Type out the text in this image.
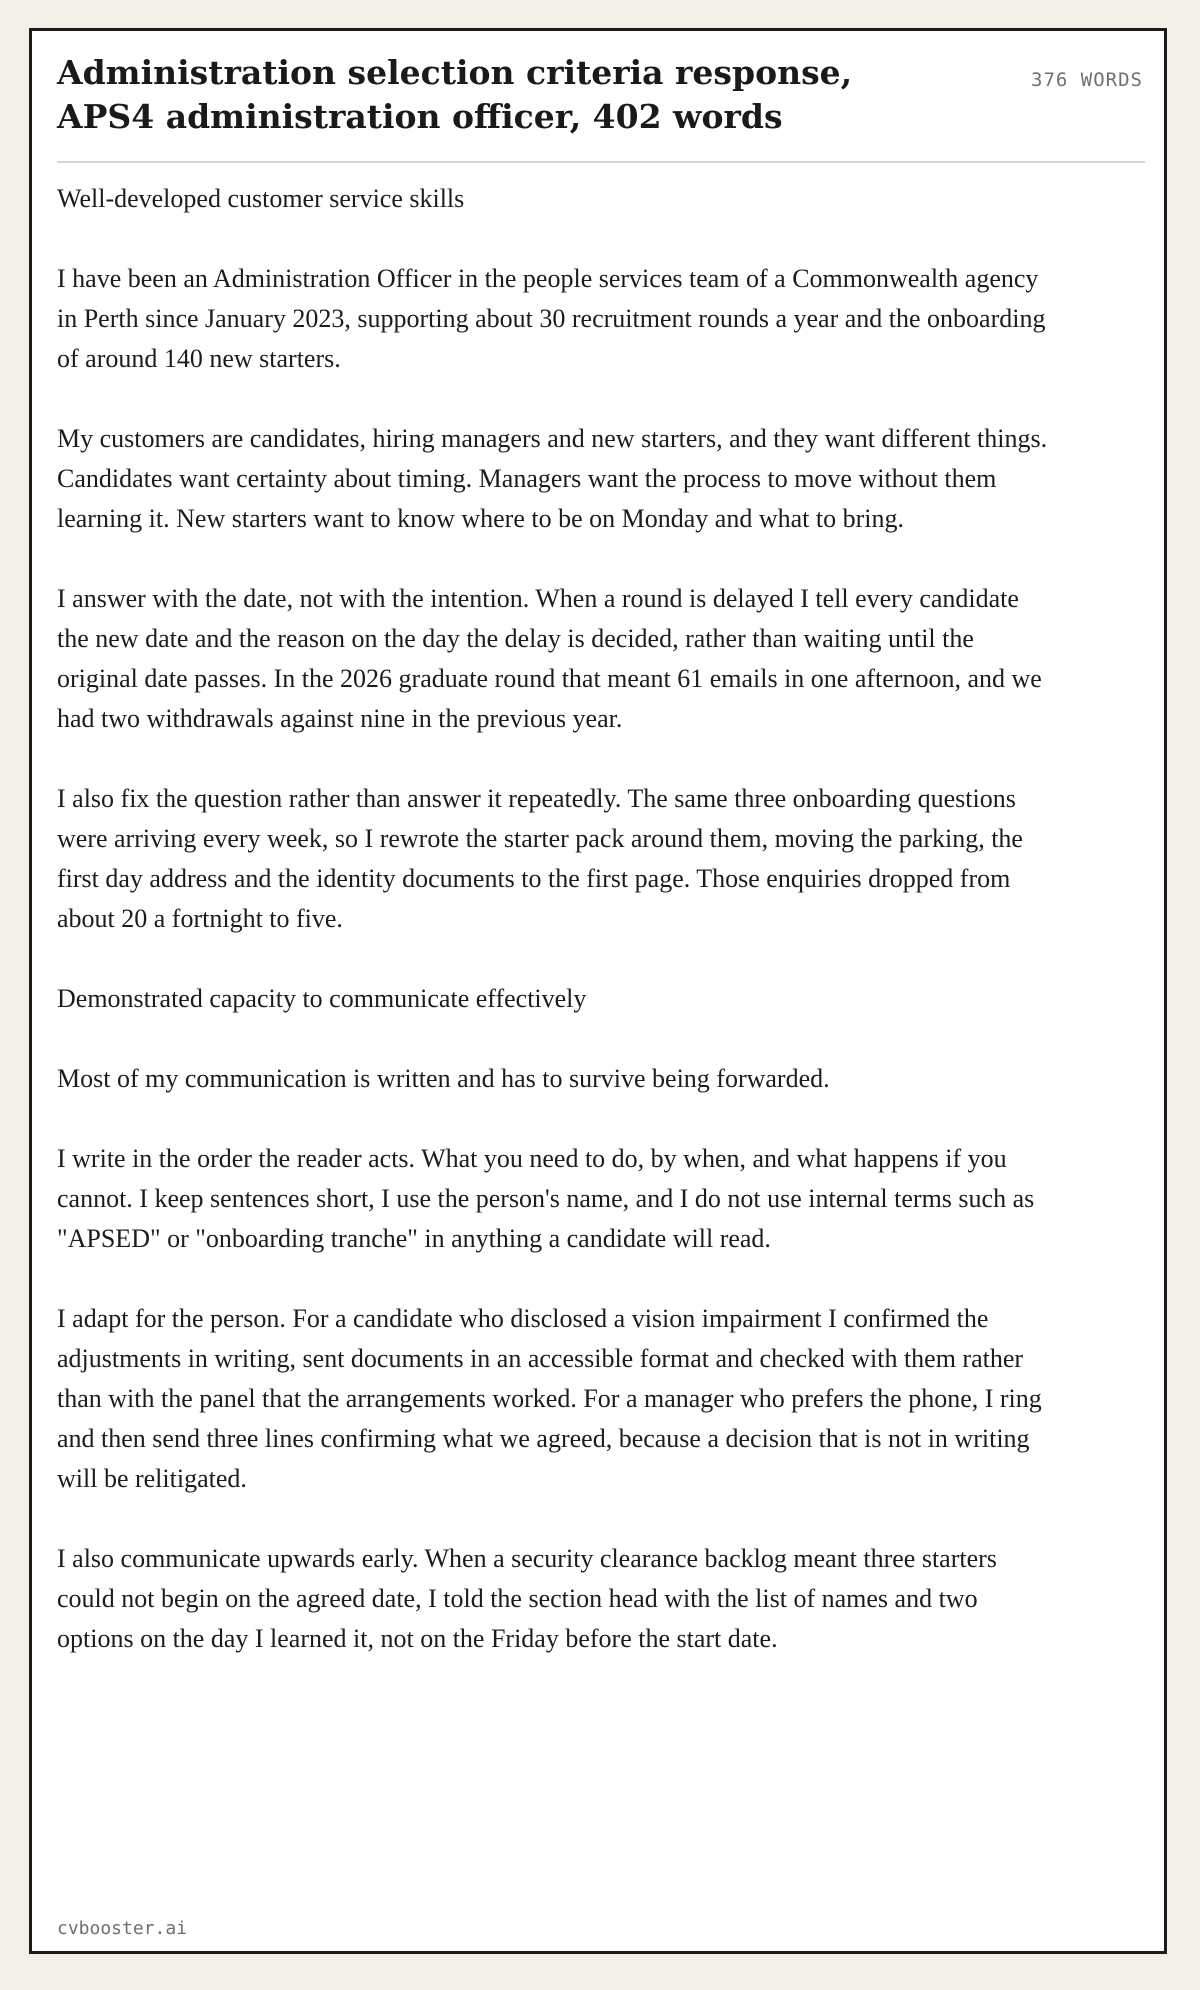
Administration selection criteria response, APS4 administration officer, 402 words
376 WORDS

Well-developed customer service skills

I have been an Administration Officer in the people services team of a Commonwealth agency in Perth since January 2023, supporting about 30 recruitment rounds a year and the onboarding of around 140 new starters.

My customers are candidates, hiring managers and new starters, and they want different things. Candidates want certainty about timing. Managers want the process to move without them learning it. New starters want to know where to be on Monday and what to bring.

I answer with the date, not with the intention. When a round is delayed I tell every candidate the new date and the reason on the day the delay is decided, rather than waiting until the original date passes. In the 2026 graduate round that meant 61 emails in one afternoon, and we had two withdrawals against nine in the previous year.

I also fix the question rather than answer it repeatedly. The same three onboarding questions were arriving every week, so I rewrote the starter pack around them, moving the parking, the first day address and the identity documents to the first page. Those enquiries dropped from about 20 a fortnight to five.

Demonstrated capacity to communicate effectively

Most of my communication is written and has to survive being forwarded.

I write in the order the reader acts. What you need to do, by when, and what happens if you cannot. I keep sentences short, I use the person's name, and I do not use internal terms such as "APSED" or "onboarding tranche" in anything a candidate will read.

I adapt for the person. For a candidate who disclosed a vision impairment I confirmed the adjustments in writing, sent documents in an accessible format and checked with them rather than with the panel that the arrangements worked. For a manager who prefers the phone, I ring and then send three lines confirming what we agreed, because a decision that is not in writing will be relitigated.

I also communicate upwards early. When a security clearance backlog meant three starters could not begin on the agreed date, I told the section head with the list of names and two options on the day I learned it, not on the Friday before the start date.

cvbooster.ai
